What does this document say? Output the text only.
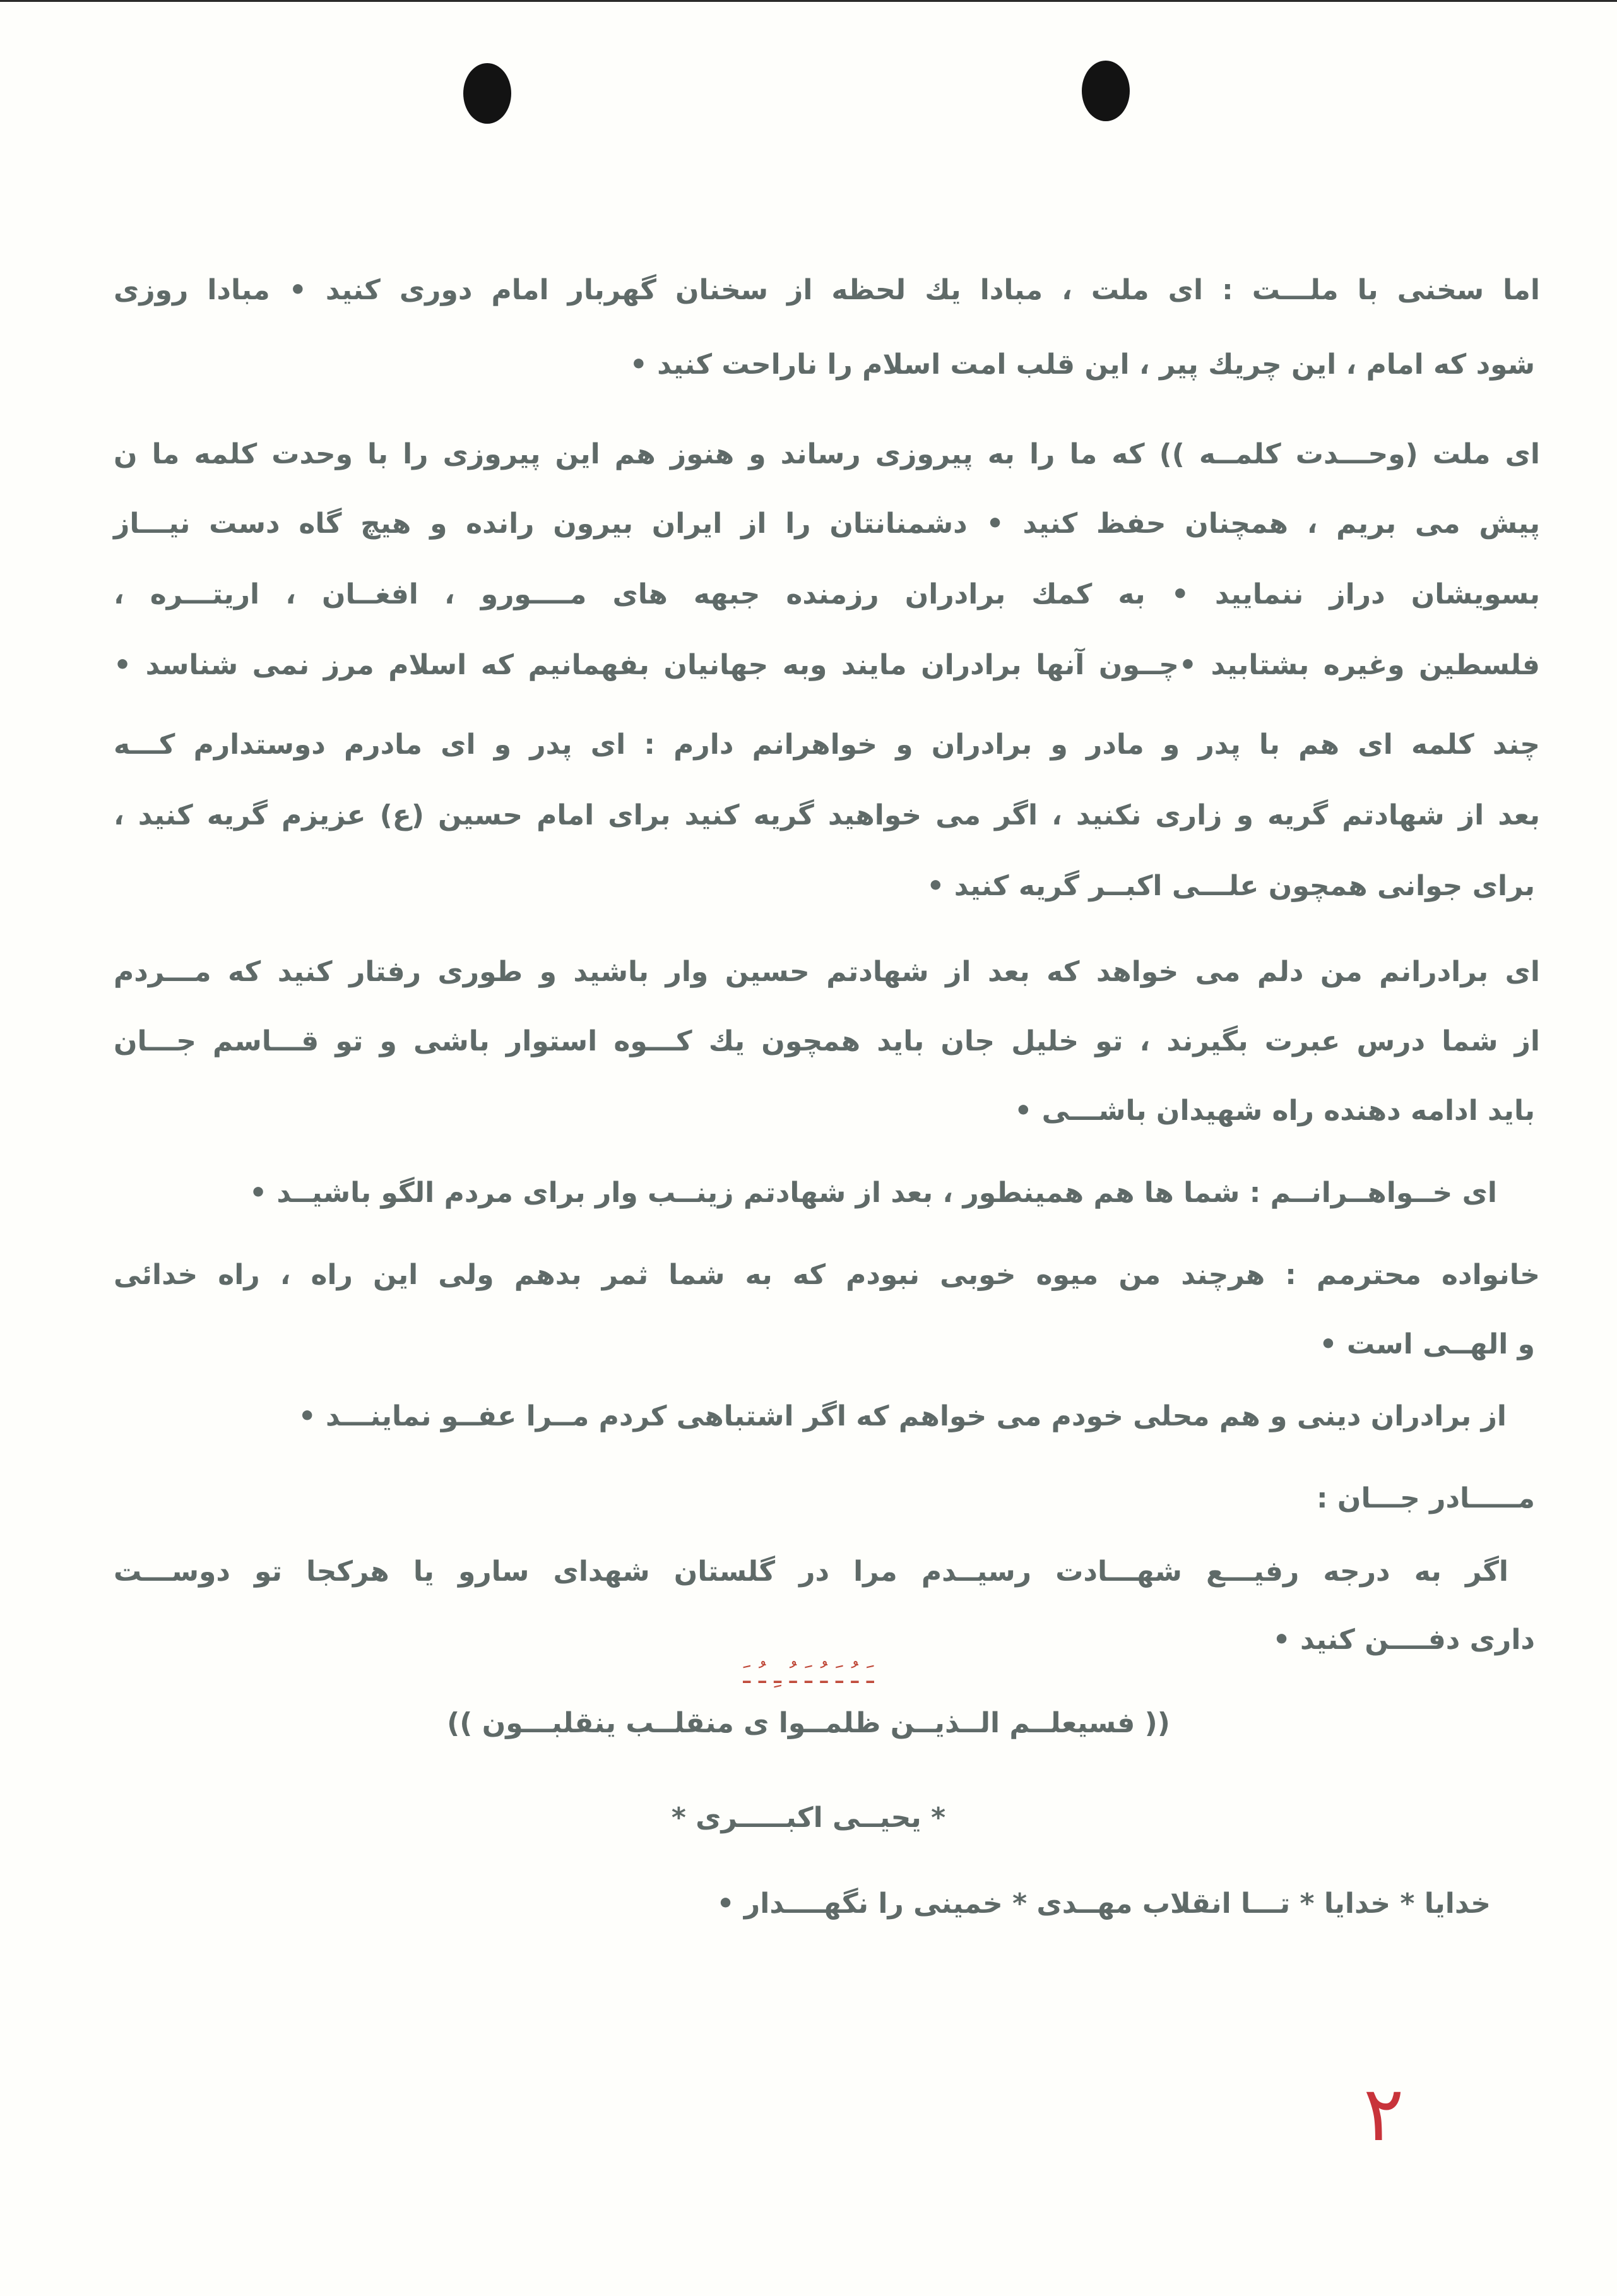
اما سخنی با ملـــت : ای ملت ، مبادا یك لحظه از سخنان گهربار امام دوری کنید • مبادا روزی
شود که امام ، این چریك پیر ، این قلب امت اسلام را ناراحت کنید •
ای ملت (وحـــدت کلمــه )) که ما را به پیروزی رساند و هنوز هم این پیروزی را با وحدت کلمه ما ن
پیش می بریم ، همچنان حفظ کنید • دشمنانتان را از ایران بیرون رانده و هیچ گاه دست نیـــاز
بسویشان دراز ننمایید • به کمك برادران رزمنده جبهه های مــــورو ، افغــان ، اریتـــره ،
فلسطین وغیره بشتابید •چــون آنها برادران مایند وبه جهانیان بفهمانیم که اسلام مرز نمی شناسد •
چند کلمه ای هم با پدر و مادر و برادران و خواهرانم دارم : ای پدر و ای مادرم دوستدارم کـــه
بعد از شهادتم گریه و زاری نکنید ، اگر می خواهید گریه کنید برای امام حسین (ع) عزیزم گریه کنید ،
برای جوانی همچون علـــی اکبــر گریه کنید •
ای برادرانم من دلم می خواهد که بعد از شهادتم حسین وار باشید و طوری رفتار کنید که مـــردم
از شما درس عبرت بگیرند ، تو خلیل جان باید همچون یك کـــوه استوار باشی و تو قـــاسم جـــان
باید ادامه دهنده راه شهیدان باشـــی •
ای خــواهــرانــم : شما ها هم همینطور ، بعد از شهادتم زینــب وار برای مردم الگو باشیــد •
خانواده محترمم : هرچند من میوه خوبی نبودم که به شما ثمر بدهم ولی این راه ، راه خدائی
و الهــی است •
از برادران دینی و هم محلی خودم می خواهم که اگر اشتباهی کردم مــرا عفــو نماینـــد •
مـــــادر جـــان :
اگر به درجه رفیـــع شهـــادت رسیــدم مرا در گلستان شهدای سارو یا هرکجا تو دوســـت
داری دفــــن کنید •
ـَ ـُ ـَ ـُ ـَ ـُ ـِ ـُ ـَ
(( فسیعلــم الــذیــن ظلمــوا ی منقلــب ینقلبـــون ))
* یحیــی اکبـــــری *
خدایا * خدایا * تـــا انقلاب مهــدی * خمینی را نگهــــدار •
۲
